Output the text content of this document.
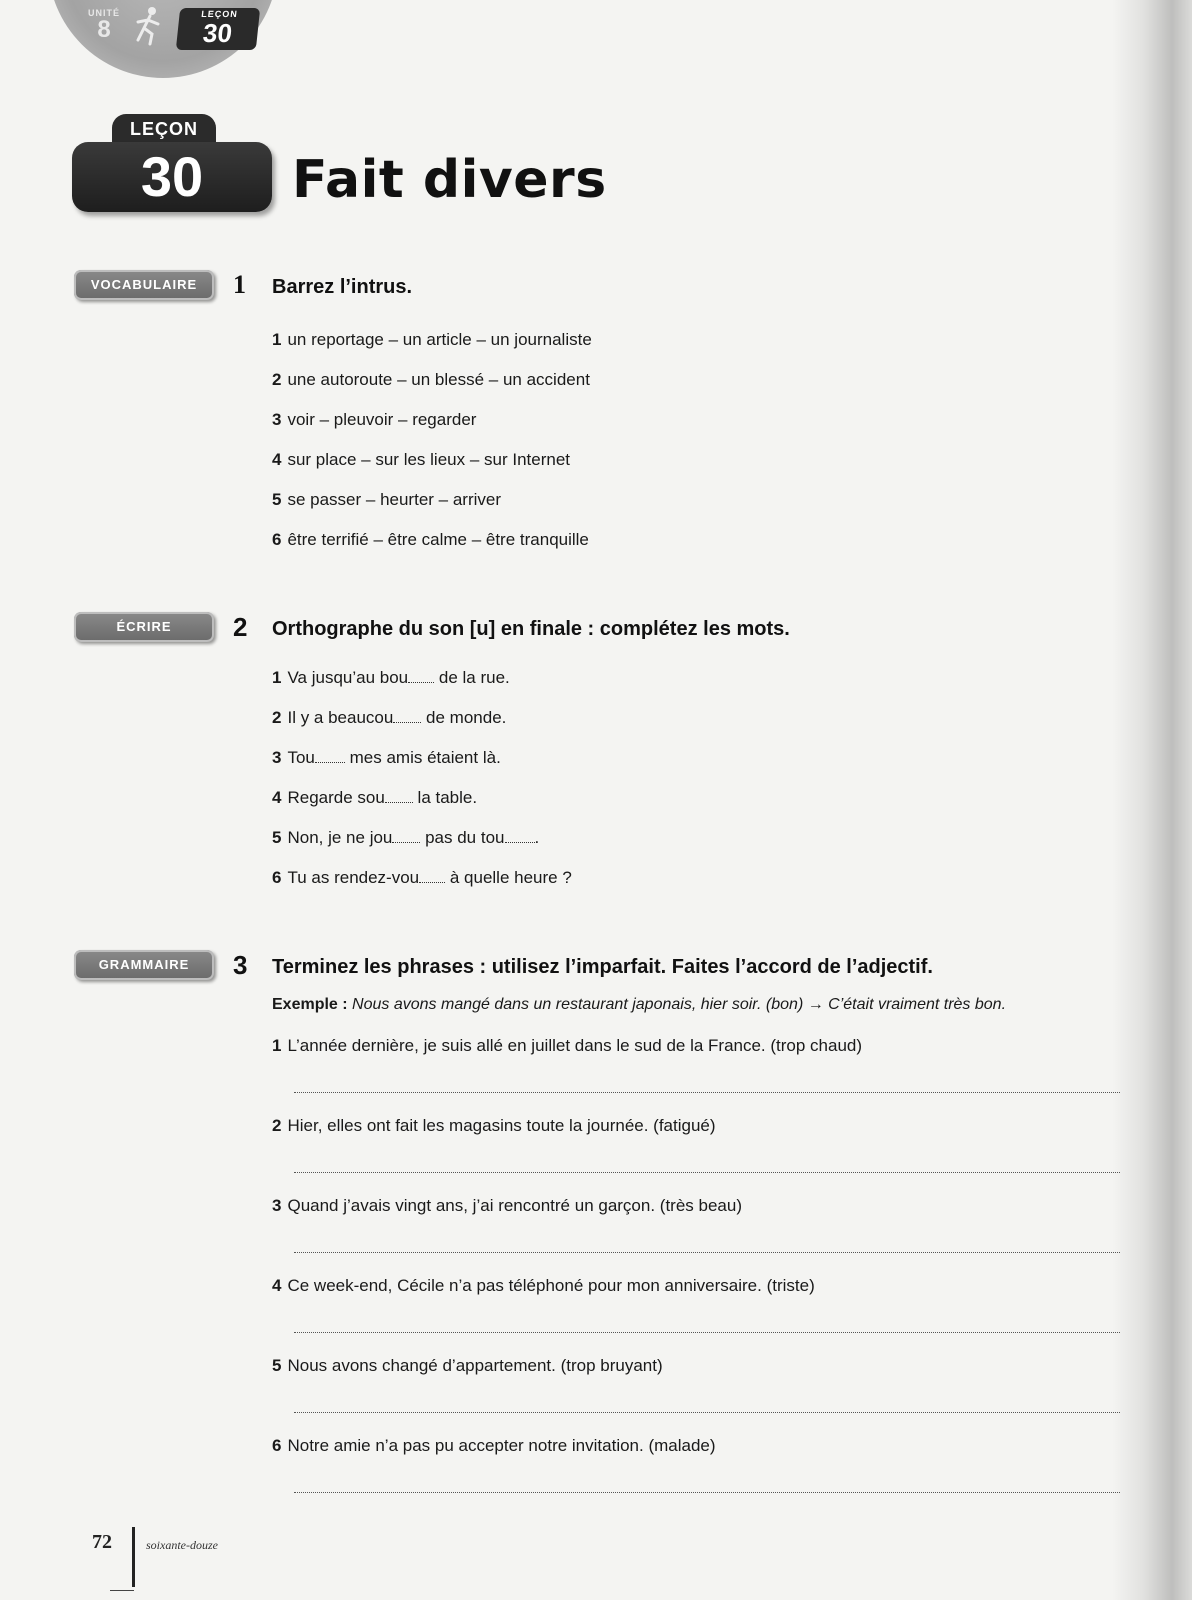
UNITÉ
8
LEÇON
30
LEÇON
30	Fait divers
VOCABULAIRE	1 Barrez l’intrus.
1 un reportage – un article – un journaliste
2 une autoroute – un blessé – un accident
3 voir – pleuvoir – regarder
4 sur place – sur les lieux – sur Internet
5 se passer – heurter – arriver
6 être terrifié – être calme – être tranquille
ÉCRIRE	2 Orthographe du son [u] en finale : complétez les mots.
1 Va jusqu’au bou de la rue.
2 Il y a beaucou de monde.
3 Tou mes amis étaient là.
4 Regarde sou la table.
5 Non, je ne jou pas du tou .
6 Tu as rendez-vou à quelle heure ?
GRAMMAIRE	3 Terminez les phrases : utilisez l’imparfait. Faites l’accord de l’adjectif.
Exemple : Nous avons mangé dans un restaurant japonais, hier soir. (bon) → C’était vraiment très bon.
1 L’année dernière, je suis allé en juillet dans le sud de la France. (trop chaud)
2 Hier, elles ont fait les magasins toute la journée. (fatigué)
3 Quand j’avais vingt ans, j’ai rencontré un garçon. (très beau)
4 Ce week-end, Cécile n’a pas téléphoné pour mon anniversaire. (triste)
5 Nous avons changé d’appartement. (trop bruyant)
6 Notre amie n’a pas pu accepter notre invitation. (malade)
72	soixante-douze
